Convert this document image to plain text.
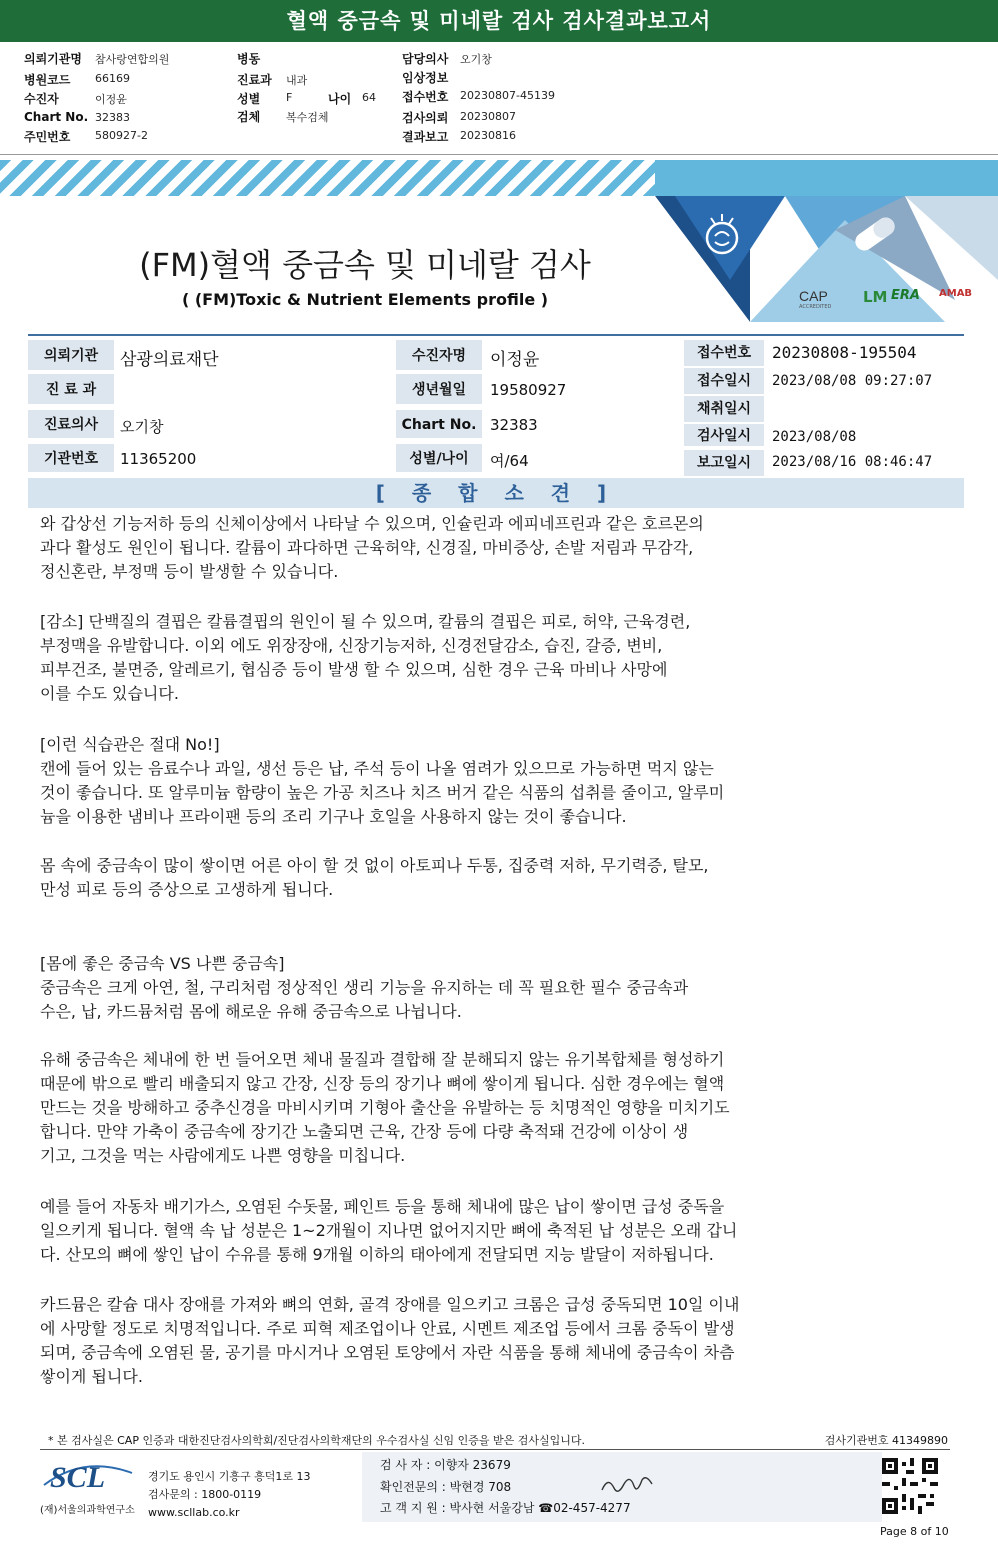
혈액 중금속 및 미네랄 검사 검사결과보고서
의뢰기관명 참사랑연합의원
병원코드 66169
수진자	이정윤
Chart No. 32383
주민번호 580927-2
병동
진료과 내과
성별 F	나이 64
검체 복수검체
담당의사 오기창
임상정보
접수번호 20230807-45139
검사의뢰 20230807
결과보고 20230816
CAP
ACCREDITED
LM ERA AMAB
(FM)혈액 중금속 및 미네랄 검사
( (FM)Toxic & Nutrient Elements profile )
의뢰기관	삼광의료재단
진 료 과
진료의사	오기창
기관번호	11365200
수진자명	이정윤
생년월일	19580927
Chart No. 32383
성별/나이	여/64
접수번호	20230808-195504
접수일시	2023/08/08 09:27:07
채취일시
검사일시	2023/08/08
보고일시	2023/08/16 08:46:47
[ 종 합 소 견 ]
와 갑상선 기능저하 등의 신체이상에서 나타날 수 있으며, 인슐린과 에피네프린과 같은 호르몬의
과다 활성도 원인이 됩니다. 칼륨이 과다하면 근육허약, 신경질, 마비증상, 손발 저림과 무감각,
정신혼란, 부정맥 등이 발생할 수 있습니다.
[감소] 단백질의 결핍은 칼륨결핍의 원인이 될 수 있으며, 칼륨의 결핍은 피로, 허약, 근육경련,
부정맥을 유발합니다. 이외 에도 위장장애, 신장기능저하, 신경전달감소, 습진, 갈증, 변비,
피부건조, 불면증, 알레르기, 협심증 등이 발생 할 수 있으며, 심한 경우 근육 마비나 사망에
이를 수도 있습니다.
[이런 식습관은 절대 No!]
캔에 들어 있는 음료수나 과일, 생선 등은 납, 주석 등이 나올 염려가 있으므로 가능하면 먹지 않는
것이 좋습니다. 또 알루미늄 함량이 높은 가공 치즈나 치즈 버거 같은 식품의 섭취를 줄이고, 알루미
늄을 이용한 냄비나 프라이팬 등의 조리 기구나 호일을 사용하지 않는 것이 좋습니다.
몸 속에 중금속이 많이 쌓이면 어른 아이 할 것 없이 아토피나 두통, 집중력 저하, 무기력증, 탈모,
만성 피로 등의 증상으로 고생하게 됩니다.
[몸에 좋은 중금속 VS 나쁜 중금속]
중금속은 크게 아연, 철, 구리처럼 정상적인 생리 기능을 유지하는 데 꼭 필요한 필수 중금속과
수은, 납, 카드뮴처럼 몸에 해로운 유해 중금속으로 나뉩니다.
유해 중금속은 체내에 한 번 들어오면 체내 물질과 결합해 잘 분해되지 않는 유기복합체를 형성하기
때문에 밖으로 빨리 배출되지 않고 간장, 신장 등의 장기나 뼈에 쌓이게 됩니다. 심한 경우에는 혈액
만드는 것을 방해하고 중추신경을 마비시키며 기형아 출산을 유발하는 등 치명적인 영향을 미치기도
합니다. 만약 가축이 중금속에 장기간 노출되면 근육, 간장 등에 다량 축적돼 건강에 이상이 생
기고, 그것을 먹는 사람에게도 나쁜 영향을 미칩니다.
예를 들어 자동차 배기가스, 오염된 수돗물, 페인트 등을 통해 체내에 많은 납이 쌓이면 급성 중독을
일으키게 됩니다. 혈액 속 납 성분은 1~2개월이 지나면 없어지지만 뼈에 축적된 납 성분은 오래 갑니
다. 산모의 뼈에 쌓인 납이 수유를 통해 9개월 이하의 태아에게 전달되면 지능 발달이 저하됩니다.
카드뮴은 칼슘 대사 장애를 가져와 뼈의 연화, 골격 장애를 일으키고 크롬은 급성 중독되면 10일 이내
에 사망할 정도로 치명적입니다. 주로 피혁 제조업이나 안료, 시멘트 제조업 등에서 크롬 중독이 발생
되며, 중금속에 오염된 물, 공기를 마시거나 오염된 토양에서 자란 식품을 통해 체내에 중금속이 차츰
쌓이게 됩니다.
* 본 검사실은 CAP 인증과 대한진단검사의학회/진단검사의학재단의 우수검사실 신임 인증을 받은 검사실입니다.	검사기관번호 41349890
SCL
(재)서울의과학연구소
경기도 용인시 기흥구 흥덕1로 13
검사문의 : 1800-0119
www.scllab.co.kr
검 사 자 : 이향자 23679
확인전문의 : 박현경 708
고 객 지 원 : 박사현 서울강남 ☎02-457-4277
Page 8 of 10
